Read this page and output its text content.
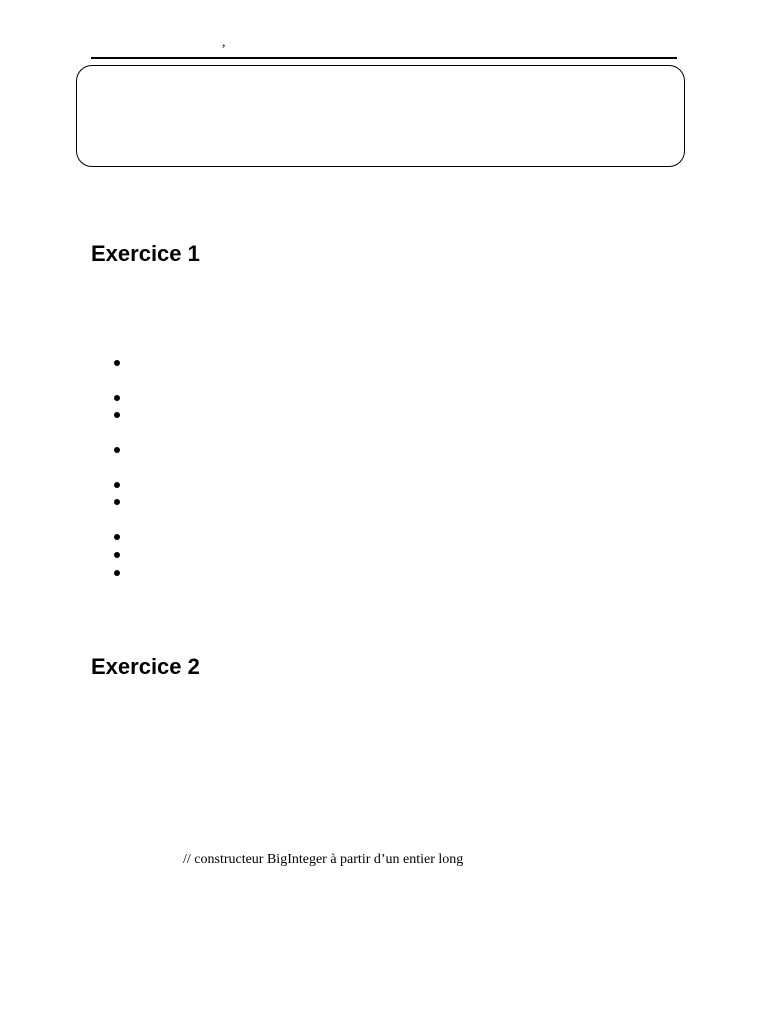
,
Exercice 1
Exercice 2
// constructeur BigInteger à partir d’un entier long
